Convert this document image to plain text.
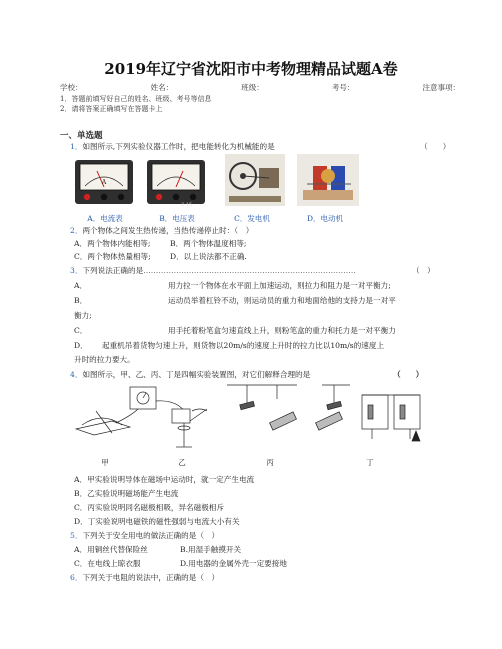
2019年辽宁省沈阳市中考物理精品试题A卷
学校：	姓名：	班级：	考号：	注意事项：
1．答题前填写好自己的姓名、班级、考号等信息
2．请将答案正确填写在答题卡上
一、单选题
1．如图所示,下列实验仪器工作时，把电能转化为机械能的是	（　　）
A
3 15
A．电流表	B．电压表	C．发电机	D．电动机
2．两个物体之间发生热传递，当热传递停止时：（　）
A．两个物体内能相等;	B．两个物体温度相等;
C．两个物体热量相等;	D．以上说法都不正确.
3．下列说法正确的是…………………………………………………………………………	（　）
A．	用力拉一个物体在水平面上加速运动，则拉力和阻力是一对平衡力;
B．	运动员举着杠铃不动，则运动员的重力和地面给他的支持力是一对平
衡力;
C．	用手托着粉笔盒匀速直线上升，则粉笔盒的重力和托力是一对平衡力
D． 起重机吊着货物匀速上升，则货物以20m/s的速度上升时的拉力比以10m/s的速度上
升时的拉力要大。
4．如图所示，甲、乙、丙、丁是四幅实验装置图，对它们解释合理的是	（　　）
甲	乙	丙	丁
A．甲实验说明导体在磁场中运动时，就一定产生电流
B．乙实验说明磁场能产生电流
C．丙实验说明同名磁极相吸，异名磁极相斥
D．丁实验说明电磁铁的磁性强弱与电流大小有关
5．下列关于安全用电的做法正确的是（　）
A．用铜丝代替保险丝	B.用湿手触摸开关
C．在电线上晾衣服	D.用电器的金属外壳一定要接地
6．下列关于电阻的说法中，正确的是（　）
